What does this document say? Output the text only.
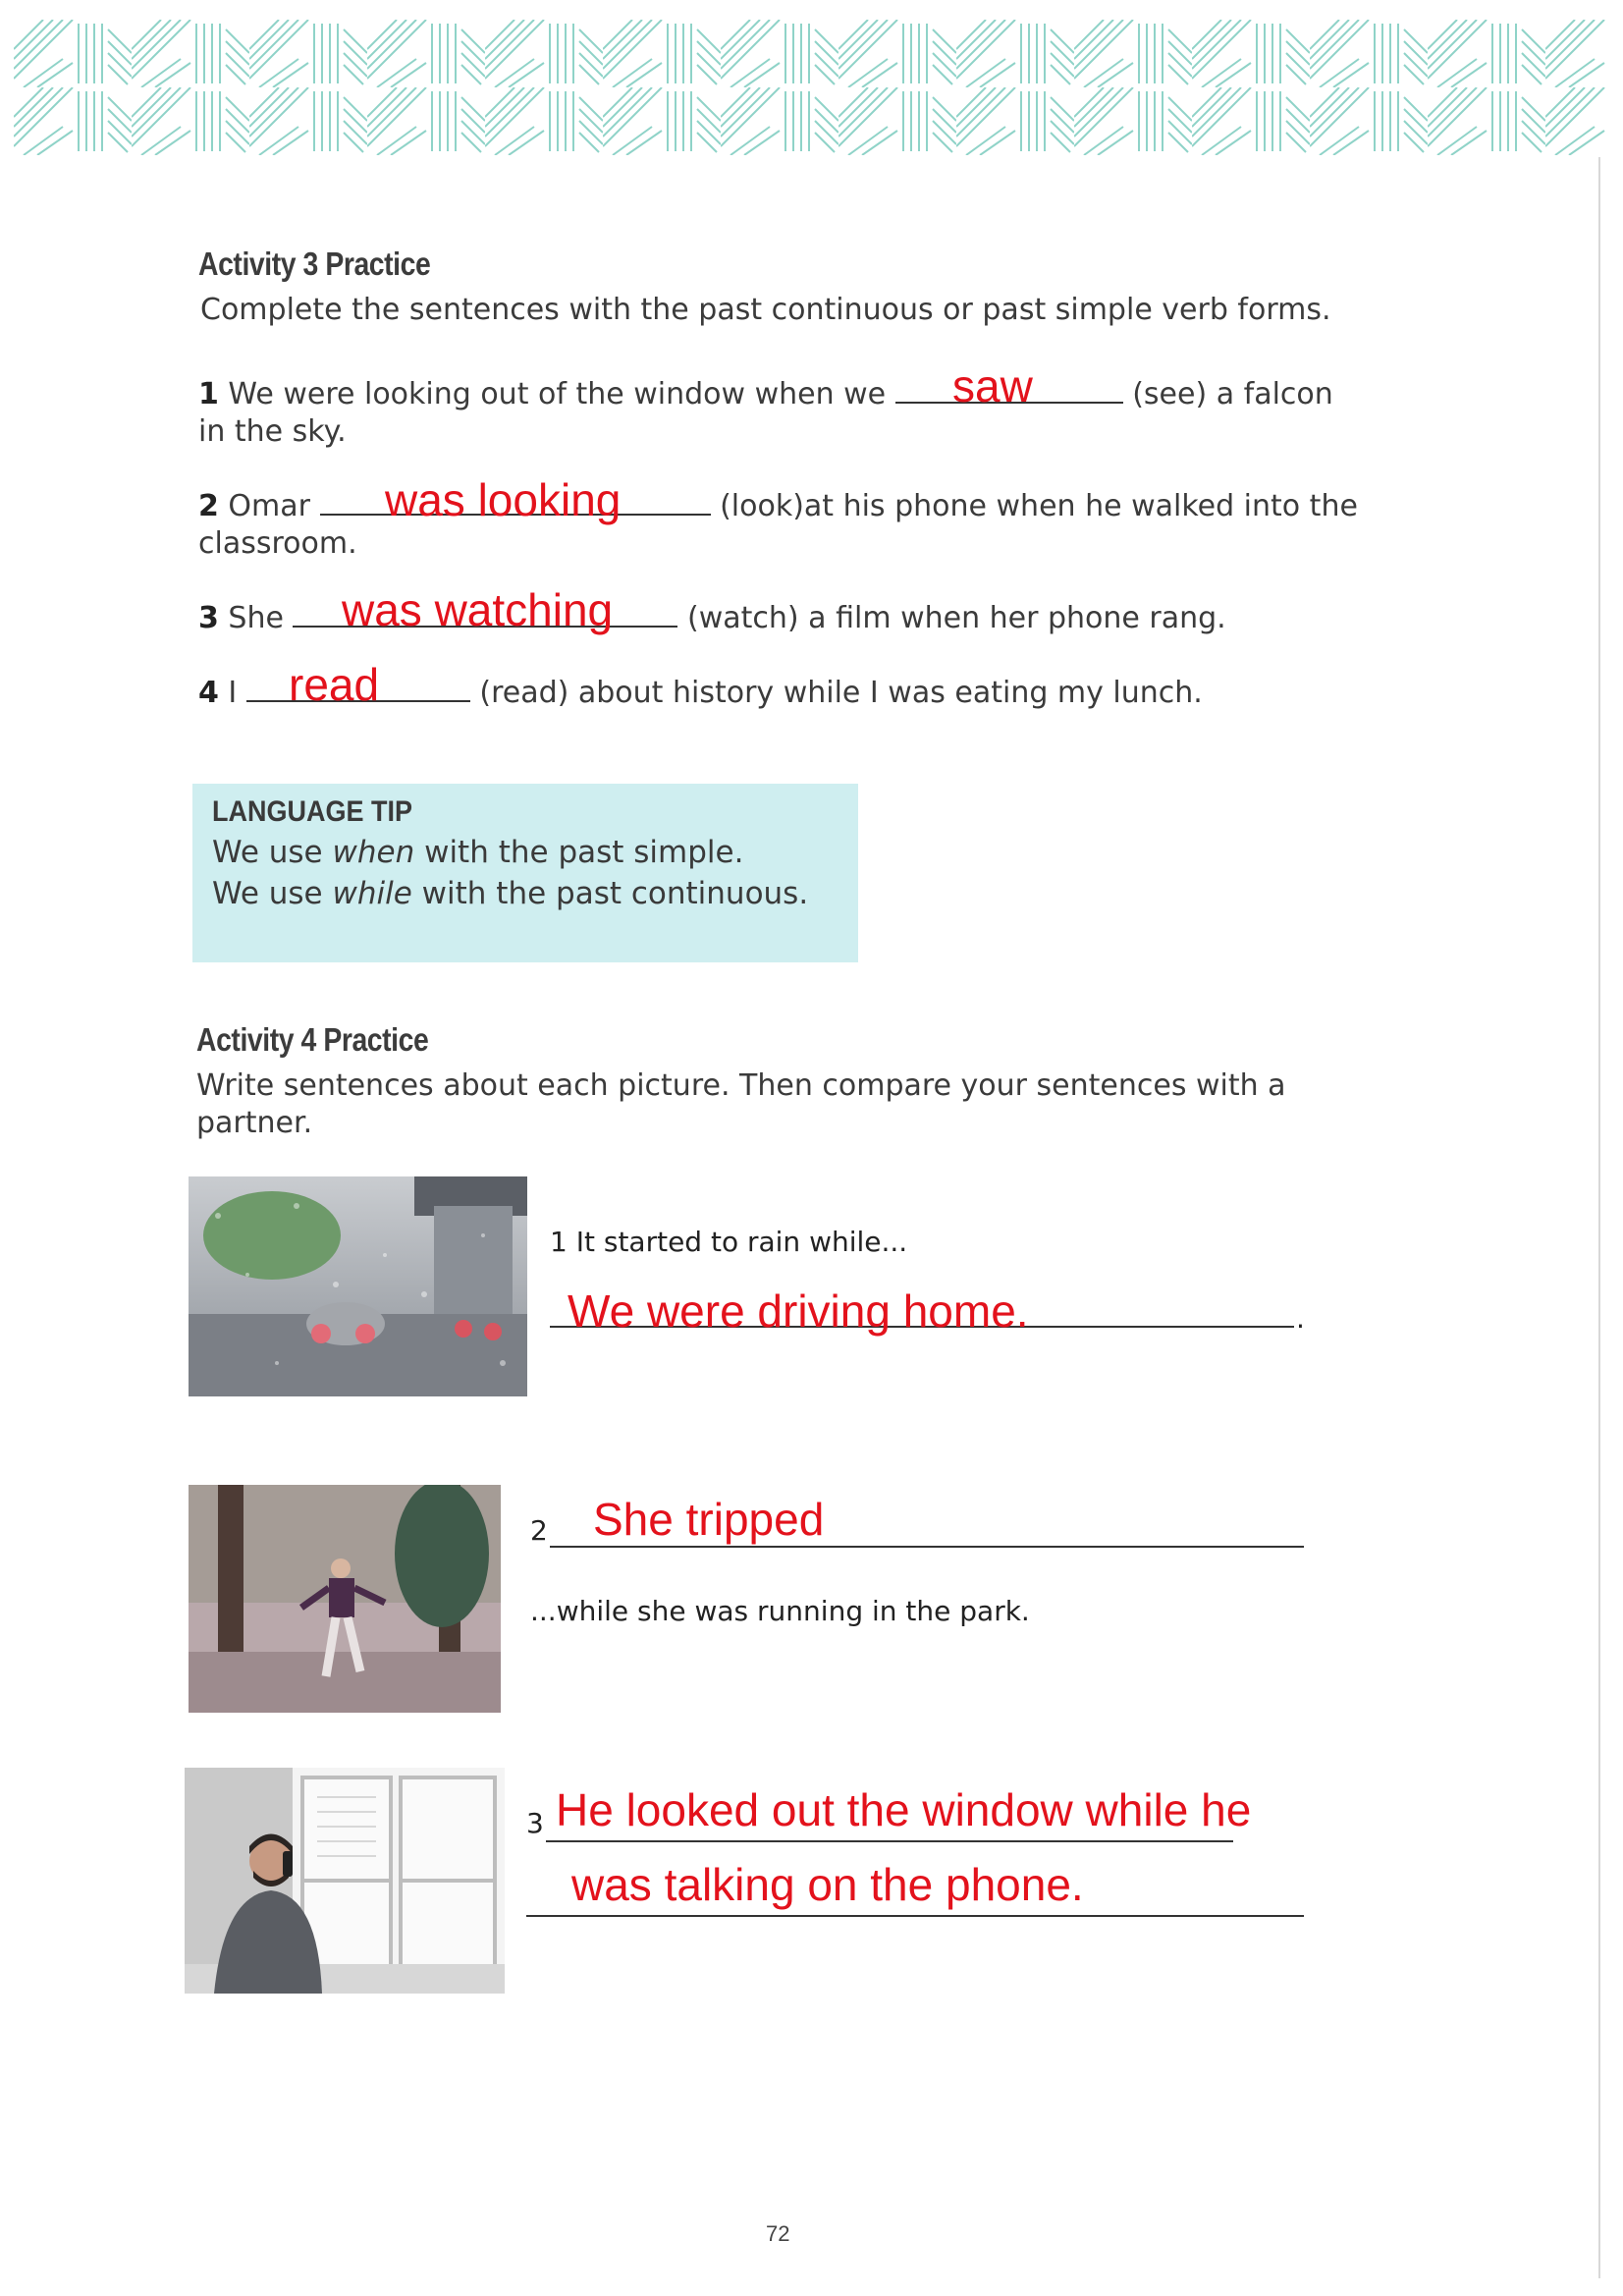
Activity 3 Practice
Complete the sentences with the past continuous or past simple verb forms.
1 We were looking out of the window when we	(see) a falcon
in the sky.
saw
2 Omar	(look)at his phone when he walked into the
classroom.
was looking
3 She	(watch) a film when her phone rang.
was watching
4 I	(read) about history while I was eating my lunch.
read
LANGUAGE TIP
We use when with the past simple.
We use while with the past continuous.
Activity 4 Practice
Write sentences about each picture. Then compare your sentences with a
partner.
1 It started to rain while...
.
We were driving home.
2 She tripped
...while she was running in the park.
3 He looked out the window while he
was talking on the phone.
72
